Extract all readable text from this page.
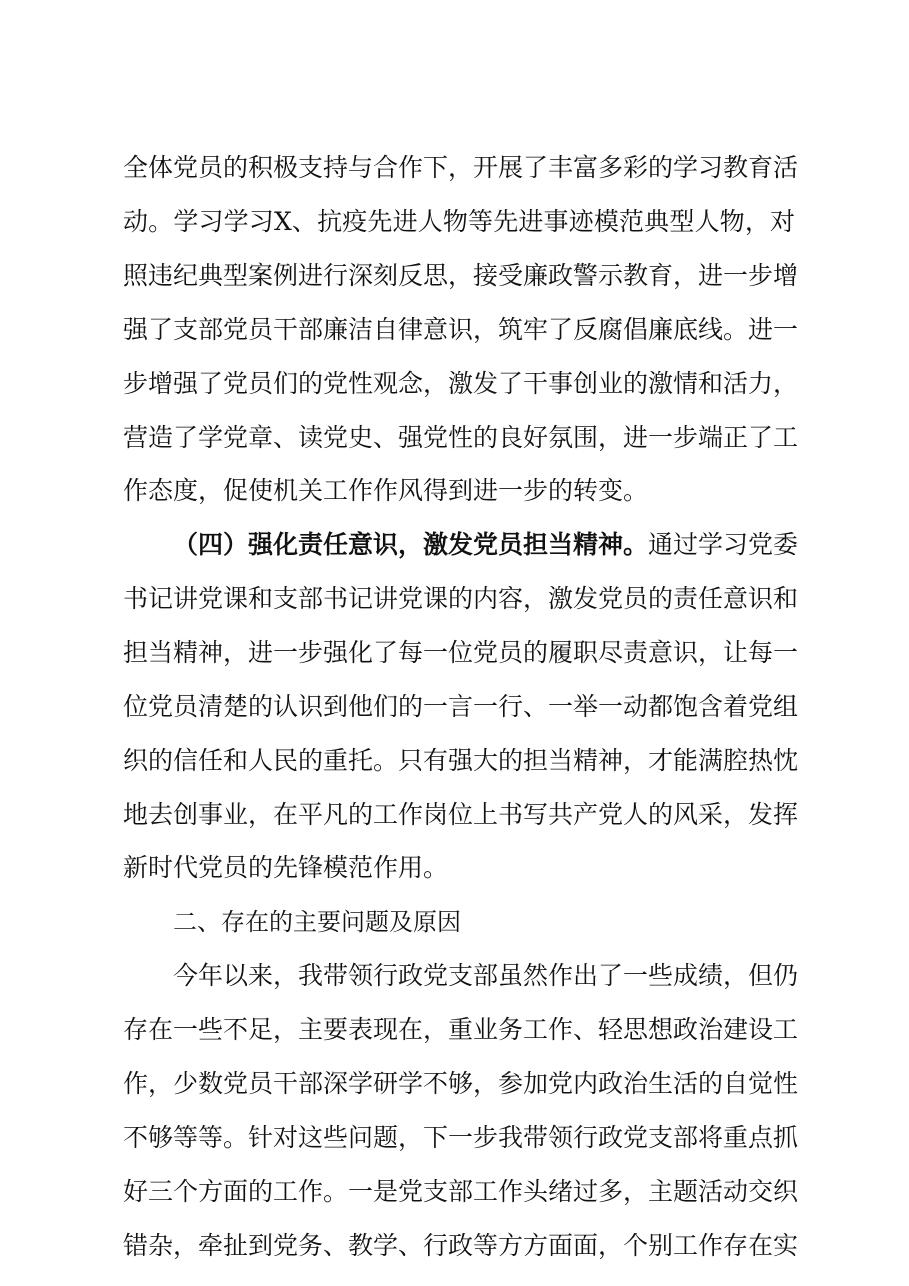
全体党员的积极支持与合作下，开展了丰富多彩的学习教育活
动。学习学习X、抗疫先进人物等先进事迹模范典型人物，对
照违纪典型案例进行深刻反思，接受廉政警示教育，进一步增
强了支部党员干部廉洁自律意识，筑牢了反腐倡廉底线。进一
步增强了党员们的党性观念，激发了干事创业的激情和活力，
营造了学党章、读党史、强党性的良好氛围，进一步端正了工
作态度，促使机关工作作风得到进一步的转变。
（四）强化责任意识，激发党员担当精神。通过学习党委
书记讲党课和支部书记讲党课的内容，激发党员的责任意识和
担当精神，进一步强化了每一位党员的履职尽责意识，让每一
位党员清楚的认识到他们的一言一行、一举一动都饱含着党组
织的信任和人民的重托。只有强大的担当精神，才能满腔热忱
地去创事业，在平凡的工作岗位上书写共产党人的风采，发挥
新时代党员的先锋模范作用。
二、存在的主要问题及原因
今年以来，我带领行政党支部虽然作出了一些成绩，但仍
存在一些不足，主要表现在，重业务工作、轻思想政治建设工
作，少数党员干部深学研学不够，参加党内政治生活的自觉性
不够等等。针对这些问题，下一步我带领行政党支部将重点抓
好三个方面的工作。一是党支部工作头绪过多，主题活动交织
错杂，牵扯到党务、教学、行政等方方面面，个别工作存在实
